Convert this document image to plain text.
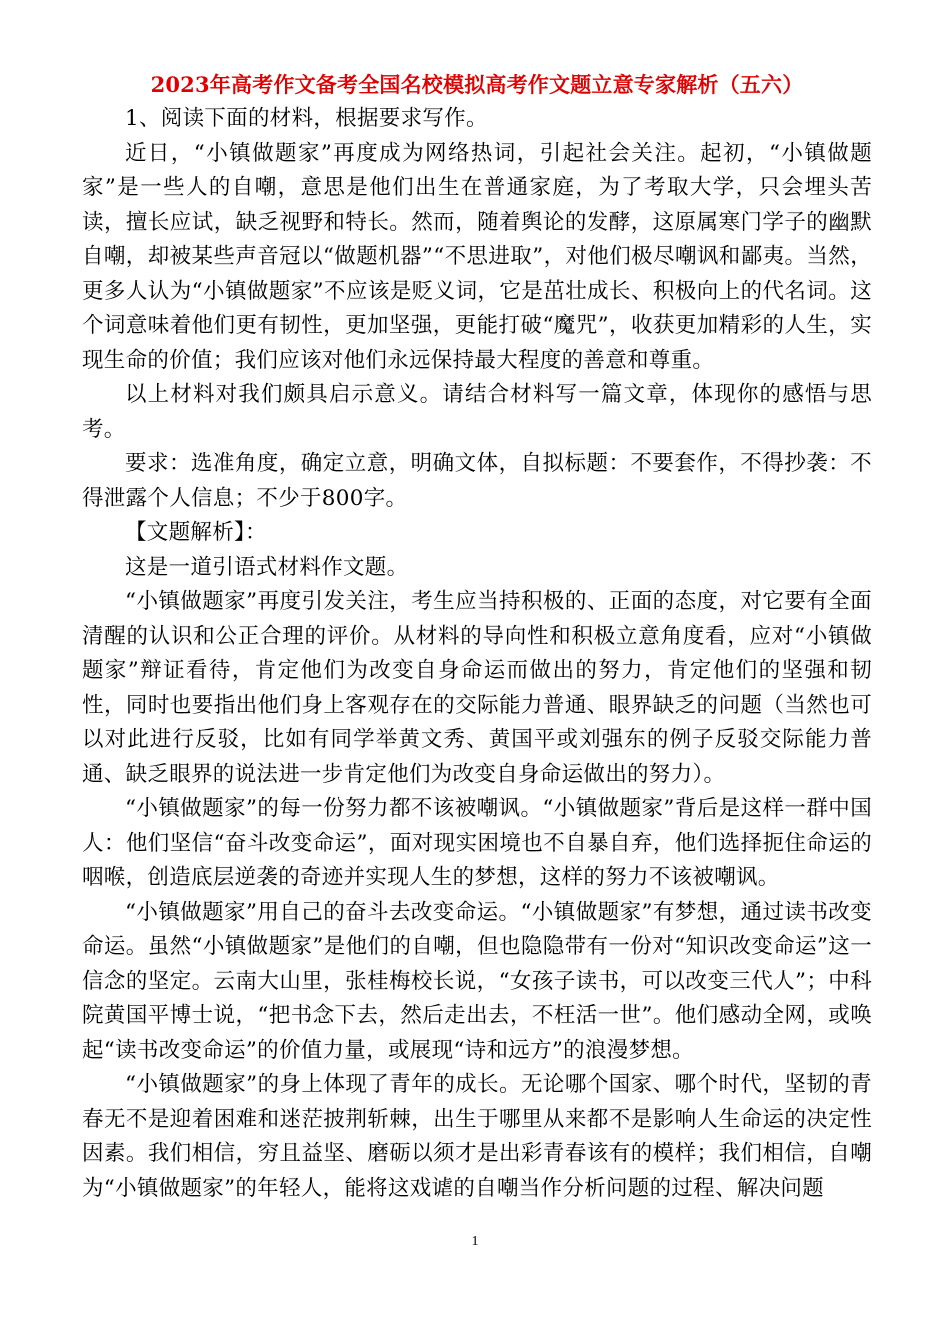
2023年高考作文备考全国名校模拟高考作文题立意专家解析（五六）

1、阅读下面的材料，根据要求写作。

近日，“小镇做题家”再度成为网络热词，引起社会关注。起初，“小镇做题家”是一些人的自嘲，意思是他们出生在普通家庭，为了考取大学，只会埋头苦读，擅长应试，缺乏视野和特长。然而，随着舆论的发酵，这原属寒门学子的幽默自嘲，却被某些声音冠以“做题机器”“不思进取”，对他们极尽嘲讽和鄙夷。当然，更多人认为“小镇做题家”不应该是贬义词，它是茁壮成长、积极向上的代名词。这个词意味着他们更有韧性，更加坚强，更能打破“魔咒”，收获更加精彩的人生，实现生命的价值；我们应该对他们永远保持最大程度的善意和尊重。

以上材料对我们颇具启示意义。请结合材料写一篇文章，体现你的感悟与思考。

要求：选准角度，确定立意，明确文体，自拟标题：不要套作，不得抄袭：不得泄露个人信息；不少于800字。

【文题解析】：

这是一道引语式材料作文题。

“小镇做题家”再度引发关注，考生应当持积极的、正面的态度，对它要有全面清醒的认识和公正合理的评价。从材料的导向性和积极立意角度看，应对“小镇做题家”辩证看待，肯定他们为改变自身命运而做出的努力，肯定他们的坚强和韧性，同时也要指出他们身上客观存在的交际能力普通、眼界缺乏的问题（当然也可以对此进行反驳，比如有同学举黄文秀、黄国平或刘强东的例子反驳交际能力普通、缺乏眼界的说法进一步肯定他们为改变自身命运做出的努力）。

“小镇做题家”的每一份努力都不该被嘲讽。“小镇做题家”背后是这样一群中国人：他们坚信“奋斗改变命运”，面对现实困境也不自暴自弃，他们选择扼住命运的咽喉，创造底层逆袭的奇迹并实现人生的梦想，这样的努力不该被嘲讽。

“小镇做题家”用自己的奋斗去改变命运。“小镇做题家”有梦想，通过读书改变命运。虽然“小镇做题家”是他们的自嘲，但也隐隐带有一份对“知识改变命运”这一信念的坚定。云南大山里，张桂梅校长说，“女孩子读书，可以改变三代人”；中科院黄国平博士说，“把书念下去，然后走出去，不枉活一世”。他们感动全网，或唤起“读书改变命运”的价值力量，或展现“诗和远方”的浪漫梦想。

“小镇做题家”的身上体现了青年的成长。无论哪个国家、哪个时代，坚韧的青春无不是迎着困难和迷茫披荆斩棘，出生于哪里从来都不是影响人生命运的决定性因素。我们相信，穷且益坚、磨砺以须才是出彩青春该有的模样；我们相信，自嘲为“小镇做题家”的年轻人，能将这戏谑的自嘲当作分析问题的过程、解决问题

1
